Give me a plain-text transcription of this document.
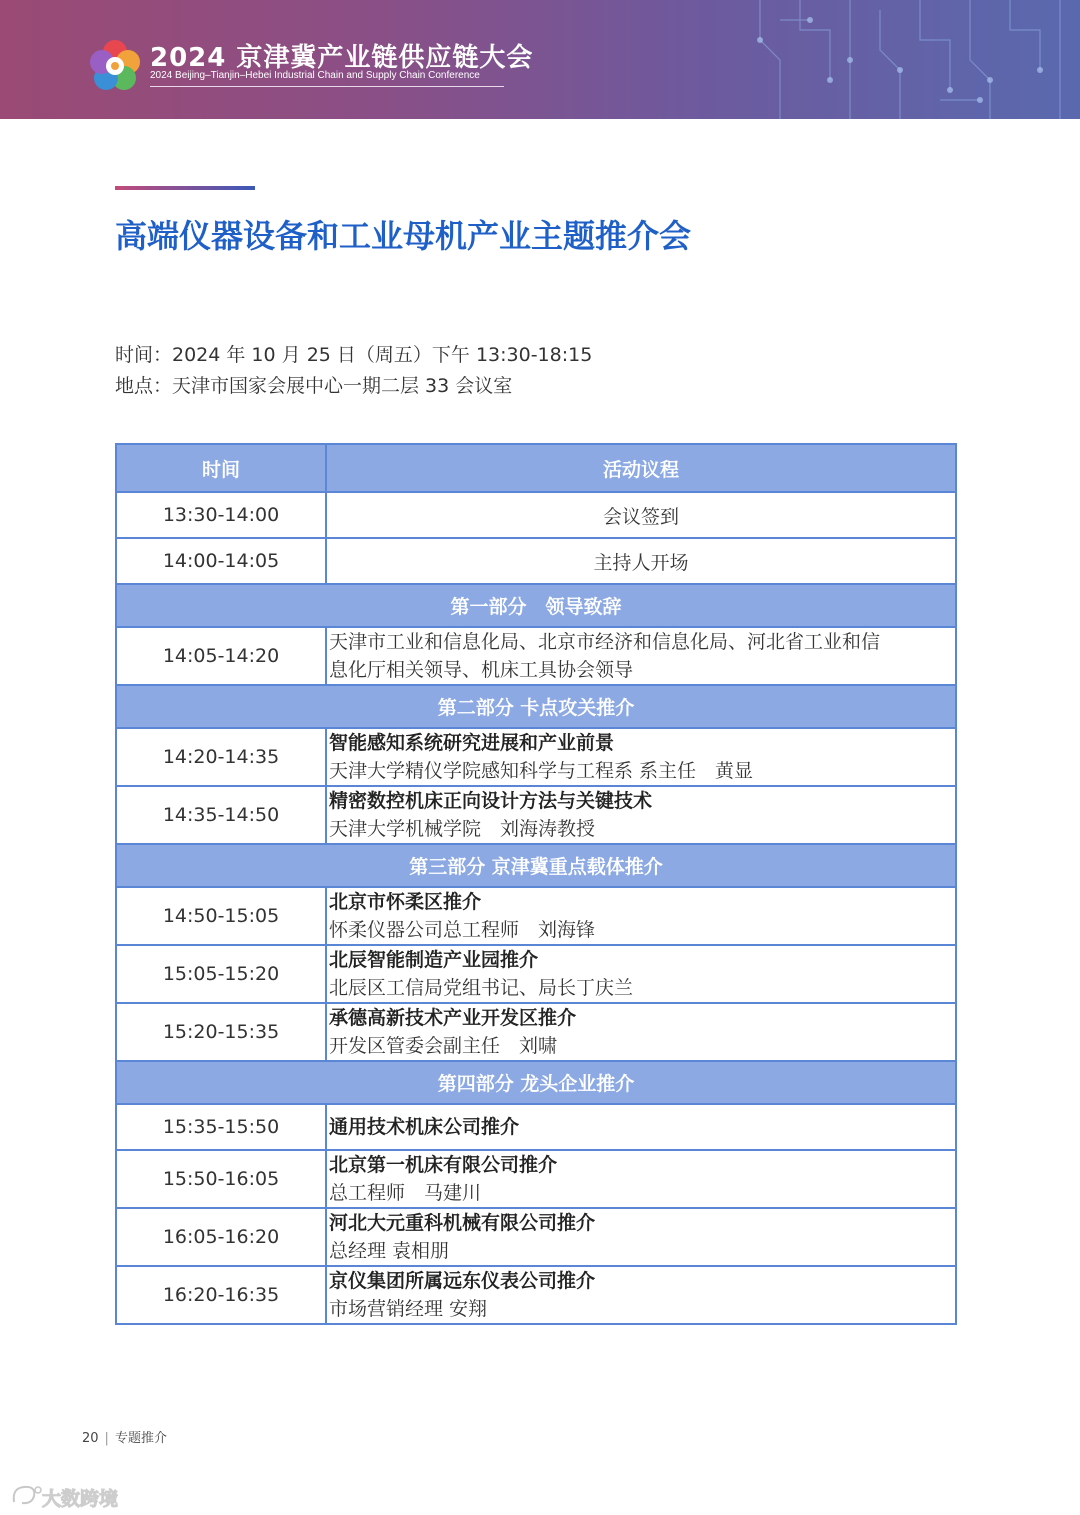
2024 京津冀产业链供应链大会

2024 Beijing–Tianjin–Hebei Industrial Chain and Supply Chain Conference

高端仪器设备和工业母机产业主题推介会
时间：2024 年 10 月 25 日（周五）下午 13:30-18:15
地点：天津市国家会展中心一期二层 33 会议室
时间	活动议程
13:30-14:00	会议签到
14:00-14:05	主持人开场
第一部分　领导致辞	
14:05-14:20	天津市工业和信息化局、北京市经济和信息化局、河北省工业和信
息化厅相关领导、机床工具协会领导

第二部分 卡点攻关推介	
14:20-14:35	智能感知系统研究进展和产业前景
天津大学精仪学院感知科学与工程系 系主任　黄显

14:35-14:50	精密数控机床正向设计方法与关键技术
天津大学机械学院　刘海涛教授

第三部分 京津冀重点载体推介	
14:50-15:05	北京市怀柔区推介
怀柔仪器公司总工程师　刘海锋

15:05-15:20	北辰智能制造产业园推介
北辰区工信局党组书记、局长丁庆兰

15:20-15:35	承德高新技术产业开发区推介
开发区管委会副主任　刘啸

第四部分 龙头企业推介	
15:35-15:50	通用技术机床公司推介

15:50-16:05	北京第一机床有限公司推介
总工程师　马建川

16:05-16:20	河北大元重科机械有限公司推介
总经理 袁相朋

16:20-16:35	京仪集团所属远东仪表公司推介
市场营销经理 安翔
20 | 专题推介
大数跨境
